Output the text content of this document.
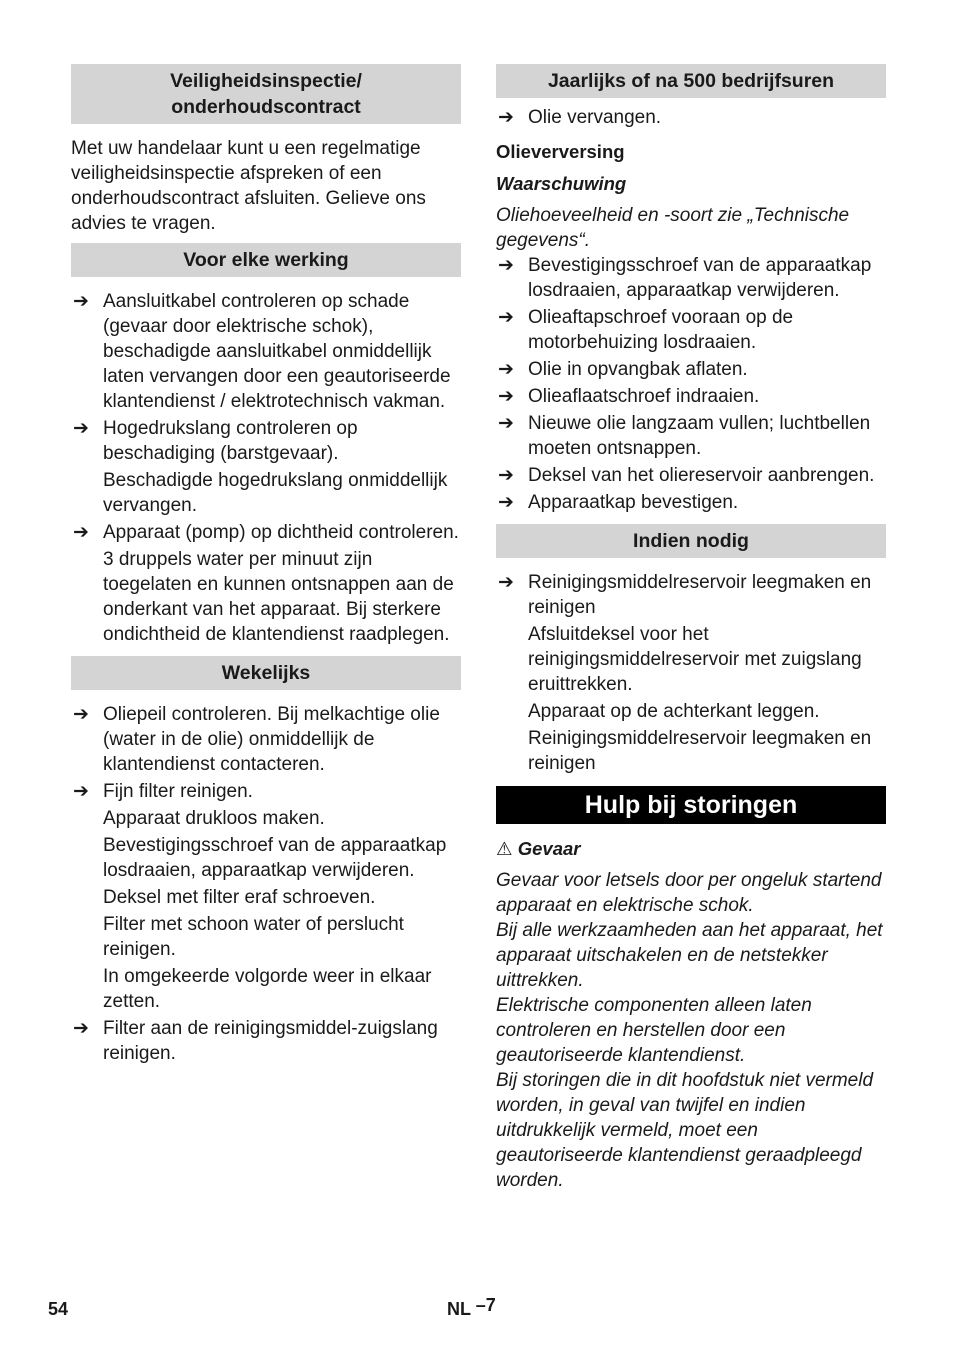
Veiligheidsinspectie/ onderhoudscontract

Met uw handelaar kunt u een regelmatige veiligheidsinspectie afspreken of een onderhoudscontract afsluiten. Gelieve ons advies te vragen.

Voor elke werking
➔ Aansluitkabel controleren op schade (gevaar door elektrische schok), beschadigde aansluitkabel onmiddellijk laten vervangen door een geautoriseerde klantendienst / elektrotechnisch vakman.
➔ Hogedrukslang controleren op beschadiging (barstgevaar).

Beschadigde hogedrukslang onmiddellijk vervangen.

➔ Apparaat (pomp) op dichtheid controleren.

3 druppels water per minuut zijn toegelaten en kunnen ontsnappen aan de onderkant van het apparaat. Bij sterkere ondichtheid de klantendienst raadplegen.

Wekelijks
➔ Oliepeil controleren. Bij melkachtige olie (water in de olie) onmiddellijk de klantendienst contacteren.
➔ Fijn filter reinigen.

Apparaat drukloos maken.

Bevestigingsschroef van de apparaatkap losdraaien, apparaatkap verwijderen.

Deksel met filter eraf schroeven.

Filter met schoon water of perslucht reinigen.

In omgekeerde volgorde weer in elkaar zetten.

➔ Filter aan de reinigingsmiddel-zuigslang reinigen.
Jaarlijks of na 500 bedrijfsuren
➔ Olie vervangen.

Olieverversing

Waarschuwing

Oliehoeveelheid en -soort zie „Technische gegevens“.

➔ Bevestigingsschroef van de apparaatkap losdraaien, apparaatkap verwijderen.
➔ Olieaftapschroef vooraan op de motorbehuizing losdraaien.
➔ Olie in opvangbak aflaten.
➔ Olieaflaatschroef indraaien.
➔ Nieuwe olie langzaam vullen; luchtbellen moeten ontsnappen.
➔ Deksel van het oliereservoir aanbrengen.
➔ Apparaatkap bevestigen.
Indien nodig
➔ Reinigingsmiddelreservoir leegmaken en reinigen

Afsluitdeksel voor het reinigingsmiddelreservoir met zuigslang eruittrekken.

Apparaat op de achterkant leggen.

Reinigingsmiddelreservoir leegmaken en reinigen

Hulp bij storingen

⚠ Gevaar

Gevaar voor letsels door per ongeluk startend apparaat en elektrische schok.

Bij alle werkzaamheden aan het apparaat, het apparaat uitschakelen en de netstekker uittrekken.

Elektrische componenten alleen laten controleren en herstellen door een geautoriseerde klantendienst.

Bij storingen die in dit hoofdstuk niet vermeld worden, in geval van twijfel en indien uitdrukkelijk vermeld, moet een geautoriseerde klantendienst geraadpleegd worden.

54	NL –7
